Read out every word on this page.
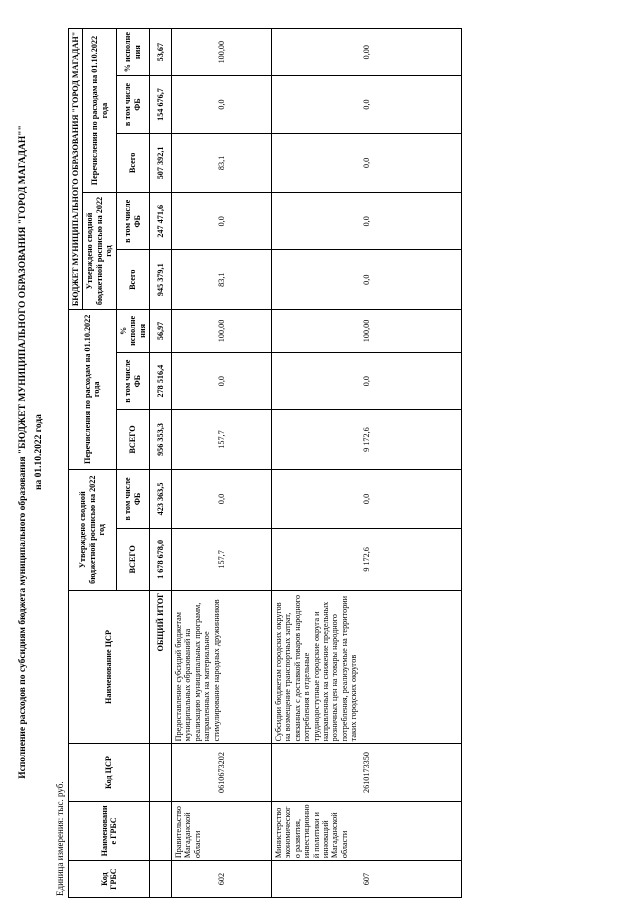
Исполнение расходов по субсидиям бюджета муниципального образования "БЮДЖЕТ МУНИЦИПАЛЬНОГО ОБРАЗОВАНИЯ "ГОРОД МАГАДАН"" на 01.10.2022 года
Единица измерения: тыс. руб.	Код ГРБС	Наименовани е ГРБС	Код ЦСР	Наименование ЦСР	Утверждено сводной бюджетной росписью на 2022 год		Перечисления по расходам на 01.10.2022 года			БЮДЖЕТ МУНИЦИПАЛЬНОГО ОБРАЗОВАНИЯ "ГОРОД МАГАДАН"				
									Утверждено сводной бюджетной росписью на 2022 год		Перечисления по расходам на 01.10.2022 года		
				ВСЕГО	в том числе ФБ	ВСЕГО	в том числе ФБ	% исполне ния	Всего	в том числе ФБ	Всего	в том числе ФБ	% исполне ния
			ОБЩИЙ ИТОГ	1 678 678,0	423 363,5	956 353,3	278 516,4	56,97	945 379,1	247 471,6	507 392,1	154 676,7	53,67
602	Правительство Магаданской области	0610673202	Предоставление субсидий бюджетам муниципальных образований на реализацию муниципальных программ, направленных на материальное стимулирование народных дружинников	157,7	0,0	157,7	0,0	100,00	83,1	0,0	83,1	0,0	100,00
607	Министерство экономическог о развития, инвестиционно й политики и инноваций Магаданской области	2610173350	Субсидии бюджетам городских округов на возмещение транспортных затрат, связанных с доставкой товаров народного потребления в отдельные труднодоступные городские округа и направленных на снижение предельных розничных цен на товары народного потребления, реализуемые на территории таких городских округов	9 172,6	0,0	9 172,6	0,0	100,00	0,0	0,0	0,0	0,0	0,00
